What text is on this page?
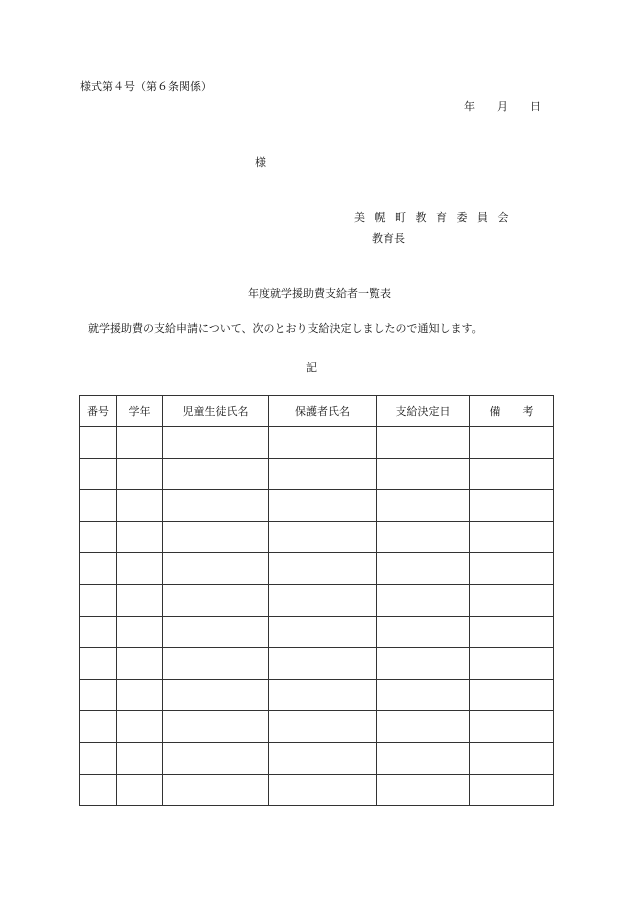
様式第４号（第６条関係）
年 月 日
様
美 幌 町 教 育 委 員 会
教育長
年度就学援助費支給者一覧表
就学援助費の支給申請について、次のとおり支給決定しましたので通知します。
記
番号	学年	児童生徒氏名	保護者氏名	支給決定日	備 考
